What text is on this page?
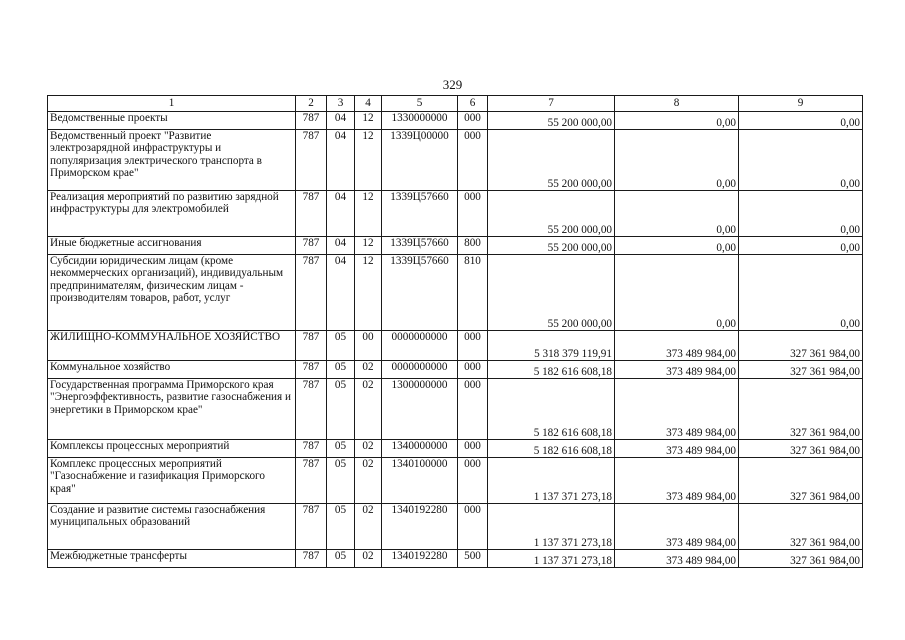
329
1	2	3	4	5	6	7	8	9
Ведомственные проекты	787	04	12	1330000000	000	55 200 000,00	0,00	0,00
Ведомственный проект "Развитие электрозарядной инфраструктуры и популяризация электрического транспорта в Приморском крае"	787	04	12	1339Ц00000	000	55 200 000,00	0,00	0,00
Реализация мероприятий по развитию зарядной инфраструктуры для электромобилей	787	04	12	1339Ц57660	000	55 200 000,00	0,00	0,00
Иные бюджетные ассигнования	787	04	12	1339Ц57660	800	55 200 000,00	0,00	0,00
Субсидии юридическим лицам (кроме некоммерческих организаций), индивидуальным предпринимателям, физическим лицам - производителям товаров, работ, услуг	787	04	12	1339Ц57660	810	55 200 000,00	0,00	0,00
ЖИЛИЩНО-КОММУНАЛЬНОЕ ХОЗЯЙСТВО	787	05	00	0000000000	000	5 318 379 119,91	373 489 984,00	327 361 984,00
Коммунальное хозяйство	787	05	02	0000000000	000	5 182 616 608,18	373 489 984,00	327 361 984,00
Государственная программа Приморского края "Энергоэффективность, развитие газоснабжения и энергетики в Приморском крае"	787	05	02	1300000000	000	5 182 616 608,18	373 489 984,00	327 361 984,00
Комплексы процессных мероприятий	787	05	02	1340000000	000	5 182 616 608,18	373 489 984,00	327 361 984,00
Комплекс процессных мероприятий "Газоснабжение и газификация Приморского края"	787	05	02	1340100000	000	1 137 371 273,18	373 489 984,00	327 361 984,00
Создание и развитие системы газоснабжения муниципальных образований	787	05	02	1340192280	000	1 137 371 273,18	373 489 984,00	327 361 984,00
Межбюджетные трансферты	787	05	02	1340192280	500	1 137 371 273,18	373 489 984,00	327 361 984,00
